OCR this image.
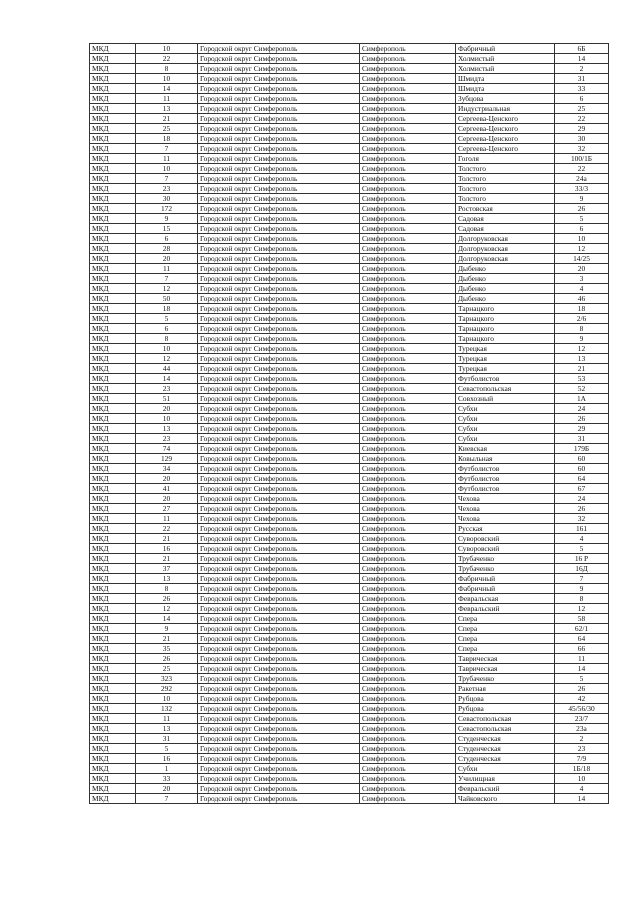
МКД	10	Городской округ Симферополь	Симферополь	Фабричный	6Б
МКД	22	Городской округ Симферополь	Симферополь	Холмистый	14
МКД	8	Городской округ Симферополь	Симферополь	Холмистый	2
МКД	10	Городской округ Симферополь	Симферополь	Шмидта	31
МКД	14	Городской округ Симферополь	Симферополь	Шмидта	33
МКД	11	Городской округ Симферополь	Симферополь	Зубцова	6
МКД	13	Городской округ Симферополь	Симферополь	Индустриальная	25
МКД	21	Городской округ Симферополь	Симферополь	Сергеева-Ценского	22
МКД	25	Городской округ Симферополь	Симферополь	Сергеева-Ценского	29
МКД	18	Городской округ Симферополь	Симферополь	Сергеева-Ценского	30
МКД	7	Городской округ Симферополь	Симферополь	Сергеева-Ценского	32
МКД	11	Городской округ Симферополь	Симферополь	Гоголя	100/1Б
МКД	10	Городской округ Симферополь	Симферополь	Толстого	22
МКД	7	Городской округ Симферополь	Симферополь	Толстого	24а
МКД	23	Городской округ Симферополь	Симферополь	Толстого	33/3
МКД	30	Городской округ Симферополь	Симферополь	Толстого	9
МКД	172	Городской округ Симферополь	Симферополь	Ростовская	26
МКД	9	Городской округ Симферополь	Симферополь	Садовая	5
МКД	15	Городской округ Симферополь	Симферополь	Садовая	6
МКД	6	Городской округ Симферополь	Симферополь	Долгоруковская	10
МКД	28	Городской округ Симферополь	Симферополь	Долгоруковская	12
МКД	20	Городской округ Симферополь	Симферополь	Долгоруковская	14/25
МКД	11	Городской округ Симферополь	Симферополь	Дыбенко	20
МКД	7	Городской округ Симферополь	Симферополь	Дыбенко	3
МКД	12	Городской округ Симферополь	Симферополь	Дыбенко	4
МКД	50	Городской округ Симферополь	Симферополь	Дыбенко	46
МКД	18	Городской округ Симферополь	Симферополь	Тарнацкого	18
МКД	5	Городской округ Симферополь	Симферополь	Тарнацкого	2/6
МКД	6	Городской округ Симферополь	Симферополь	Тарнацкого	8
МКД	8	Городской округ Симферополь	Симферополь	Тарнацкого	9
МКД	10	Городской округ Симферополь	Симферополь	Турецкая	12
МКД	12	Городской округ Симферополь	Симферополь	Турецкая	13
МКД	44	Городской округ Симферополь	Симферополь	Турецкая	21
МКД	14	Городской округ Симферополь	Симферополь	Футболистов	53
МКД	23	Городской округ Симферополь	Симферополь	Севастопольская	52
МКД	51	Городской округ Симферополь	Симферополь	Совхозный	1А
МКД	20	Городской округ Симферополь	Симферополь	Субхи	24
МКД	10	Городской округ Симферополь	Симферополь	Субхи	26
МКД	13	Городской округ Симферополь	Симферополь	Субхи	29
МКД	23	Городской округ Симферополь	Симферополь	Субхи	31
МКД	74	Городской округ Симферополь	Симферополь	Киевская	179Б
МКД	129	Городской округ Симферополь	Симферополь	Ковыльная	60
МКД	34	Городской округ Симферополь	Симферополь	Футболистов	60
МКД	20	Городской округ Симферополь	Симферополь	Футболистов	64
МКД	41	Городской округ Симферополь	Симферополь	Футболистов	67
МКД	20	Городской округ Симферополь	Симферополь	Чехова	24
МКД	27	Городской округ Симферополь	Симферополь	Чехова	26
МКД	11	Городской округ Симферополь	Симферополь	Чехова	32
МКД	22	Городской округ Симферополь	Симферополь	Русская	161
МКД	21	Городской округ Симферополь	Симферополь	Суворовский	4
МКД	16	Городской округ Симферополь	Симферополь	Суворовский	5
МКД	21	Городской округ Симферополь	Симферополь	Трубаченко	16 Р
МКД	37	Городской округ Симферополь	Симферополь	Трубаченко	16Д
МКД	13	Городской округ Симферополь	Симферополь	Фабричный	7
МКД	8	Городской округ Симферополь	Симферополь	Фабричный	9
МКД	26	Городской округ Симферополь	Симферополь	Февральская	8
МКД	12	Городской округ Симферополь	Симферополь	Февральский	12
МКД	14	Городской округ Симферополь	Симферополь	Спера	58
МКД	9	Городской округ Симферополь	Симферополь	Спера	62/1
МКД	21	Городской округ Симферополь	Симферополь	Спера	64
МКД	35	Городской округ Симферополь	Симферополь	Спера	66
МКД	26	Городской округ Симферополь	Симферополь	Таврическая	11
МКД	25	Городской округ Симферополь	Симферополь	Таврическая	14
МКД	323	Городской округ Симферополь	Симферополь	Трубаченко	5
МКД	292	Городской округ Симферополь	Симферополь	Ракетная	26
МКД	10	Городской округ Симферополь	Симферополь	Рубцова	42
МКД	132	Городской округ Симферополь	Симферополь	Рубцова	45/56/30
МКД	11	Городской округ Симферополь	Симферополь	Севастопольская	23/7
МКД	13	Городской округ Симферополь	Симферополь	Севастопольская	23а
МКД	31	Городской округ Симферополь	Симферополь	Студенческая	2
МКД	5	Городской округ Симферополь	Симферополь	Студенческая	23
МКД	16	Городской округ Симферополь	Симферополь	Студенческая	7/9
МКД	1	Городской округ Симферополь	Симферополь	Субхи	1Б/18
МКД	33	Городской округ Симферополь	Симферополь	Училищная	10
МКД	20	Городской округ Симферополь	Симферополь	Февральский	4
МКД	7	Городской округ Симферополь	Симферополь	Чайковского	14
